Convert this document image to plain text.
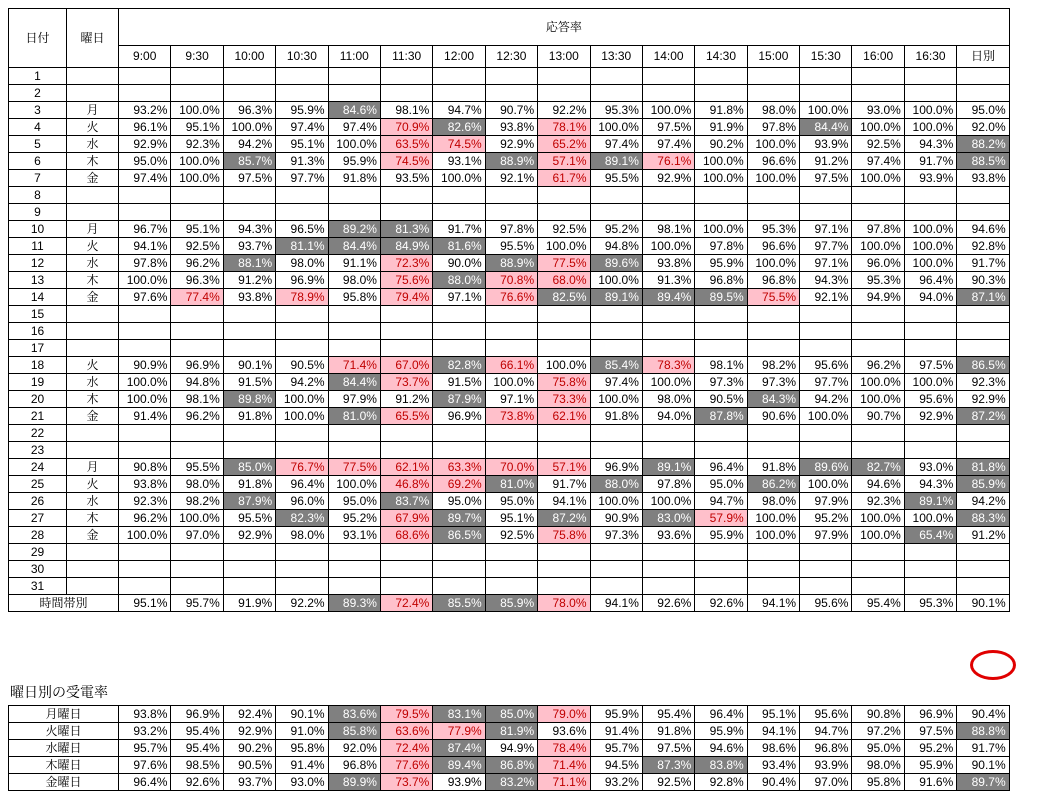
日付	曜日	応答率																
		9:00	9:30	10:00	10:30	11:00	11:30	12:00	12:30	13:00	13:30	14:00	14:30	15:00	15:30	16:00	16:30	日別
1																		
2																		
3	月	93.2%	100.0%	96.3%	95.9%	84.6%	98.1%	94.7%	90.7%	92.2%	95.3%	100.0%	91.8%	98.0%	100.0%	93.0%	100.0%	95.0%
4	火	96.1%	95.1%	100.0%	97.4%	97.4%	70.9%	82.6%	93.8%	78.1%	100.0%	97.5%	91.9%	97.8%	84.4%	100.0%	100.0%	92.0%
5	水	92.9%	92.3%	94.2%	95.1%	100.0%	63.5%	74.5%	92.9%	65.2%	97.4%	97.4%	90.2%	100.0%	93.9%	92.5%	94.3%	88.2%
6	木	95.0%	100.0%	85.7%	91.3%	95.9%	74.5%	93.1%	88.9%	57.1%	89.1%	76.1%	100.0%	96.6%	91.2%	97.4%	91.7%	88.5%
7	金	97.4%	100.0%	97.5%	97.7%	91.8%	93.5%	100.0%	92.1%	61.7%	95.5%	92.9%	100.0%	100.0%	97.5%	100.0%	93.9%	93.8%
8																		
9																		
10	月	96.7%	95.1%	94.3%	96.5%	89.2%	81.3%	91.7%	97.8%	92.5%	95.2%	98.1%	100.0%	95.3%	97.1%	97.8%	100.0%	94.6%
11	火	94.1%	92.5%	93.7%	81.1%	84.4%	84.9%	81.6%	95.5%	100.0%	94.8%	100.0%	97.8%	96.6%	97.7%	100.0%	100.0%	92.8%
12	水	97.8%	96.2%	88.1%	98.0%	91.1%	72.3%	90.0%	88.9%	77.5%	89.6%	93.8%	95.9%	100.0%	97.1%	96.0%	100.0%	91.7%
13	木	100.0%	96.3%	91.2%	96.9%	98.0%	75.6%	88.0%	70.8%	68.0%	100.0%	91.3%	96.8%	96.8%	94.3%	95.3%	96.4%	90.3%
14	金	97.6%	77.4%	93.8%	78.9%	95.8%	79.4%	97.1%	76.6%	82.5%	89.1%	89.4%	89.5%	75.5%	92.1%	94.9%	94.0%	87.1%
15																		
16																		
17																		
18	火	90.9%	96.9%	90.1%	90.5%	71.4%	67.0%	82.8%	66.1%	100.0%	85.4%	78.3%	98.1%	98.2%	95.6%	96.2%	97.5%	86.5%
19	水	100.0%	94.8%	91.5%	94.2%	84.4%	73.7%	91.5%	100.0%	75.8%	97.4%	100.0%	97.3%	97.3%	97.7%	100.0%	100.0%	92.3%
20	木	100.0%	98.1%	89.8%	100.0%	97.9%	91.2%	87.9%	97.1%	73.3%	100.0%	98.0%	90.5%	84.3%	94.2%	100.0%	95.6%	92.9%
21	金	91.4%	96.2%	91.8%	100.0%	81.0%	65.5%	96.9%	73.8%	62.1%	91.8%	94.0%	87.8%	90.6%	100.0%	90.7%	92.9%	87.2%
22																		
23																		
24	月	90.8%	95.5%	85.0%	76.7%	77.5%	62.1%	63.3%	70.0%	57.1%	96.9%	89.1%	96.4%	91.8%	89.6%	82.7%	93.0%	81.8%
25	火	93.8%	98.0%	91.8%	96.4%	100.0%	46.8%	69.2%	81.0%	91.7%	88.0%	97.8%	95.0%	86.2%	100.0%	94.6%	94.3%	85.9%
26	水	92.3%	98.2%	87.9%	96.0%	95.0%	83.7%	95.0%	95.0%	94.1%	100.0%	100.0%	94.7%	98.0%	97.9%	92.3%	89.1%	94.2%
27	木	96.2%	100.0%	95.5%	82.3%	95.2%	67.9%	89.7%	95.1%	87.2%	90.9%	83.0%	57.9%	100.0%	95.2%	100.0%	100.0%	88.3%
28	金	100.0%	97.0%	92.9%	98.0%	93.1%	68.6%	86.5%	92.5%	75.8%	97.3%	93.6%	95.9%	100.0%	97.9%	100.0%	65.4%	91.2%
29																		
30																		
31																		
時間帯別		95.1%	95.7%	91.9%	92.2%	89.3%	72.4%	85.5%	85.9%	78.0%	94.1%	92.6%	92.6%	94.1%	95.6%	95.4%	95.3%	90.1%
曜日別の受電率
月曜日	93.8%	96.9%	92.4%	90.1%	83.6%	79.5%	83.1%	85.0%	79.0%	95.9%	95.4%	96.4%	95.1%	95.6%	90.8%	96.9%	90.4%
火曜日	93.2%	95.4%	92.9%	91.0%	85.8%	63.6%	77.9%	81.9%	93.6%	91.4%	91.8%	95.9%	94.1%	94.7%	97.2%	97.5%	88.8%
水曜日	95.7%	95.4%	90.2%	95.8%	92.0%	72.4%	87.4%	94.9%	78.4%	95.7%	97.5%	94.6%	98.6%	96.8%	95.0%	95.2%	91.7%
木曜日	97.6%	98.5%	90.5%	91.4%	96.8%	77.6%	89.4%	86.8%	71.4%	94.5%	87.3%	83.8%	93.4%	93.9%	98.0%	95.9%	90.1%
金曜日	96.4%	92.6%	93.7%	93.0%	89.9%	73.7%	93.9%	83.2%	71.1%	93.2%	92.5%	92.8%	90.4%	97.0%	95.8%	91.6%	89.7%
